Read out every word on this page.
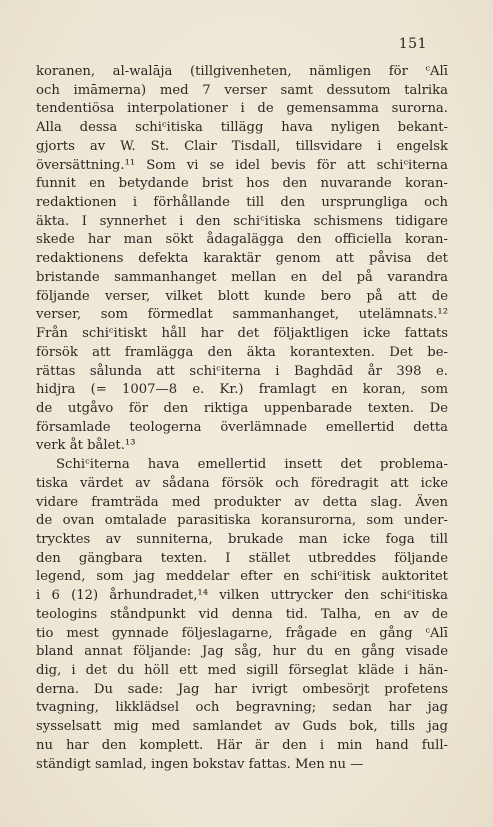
151
koranen, al-walāja (tillgivenheten, nämligen för ᶜAlī
och imāmerna) med 7 verser samt dessutom talrika
tendentiösa interpolationer i de gemensamma surorna.
Alla dessa schiᶜitiska tillägg hava nyligen bekant-
gjorts av W. St. Clair Tisdall, tillsvidare i engelsk
översättning.¹¹ Som vi se idel bevis för att schiᶜiterna
funnit en betydande brist hos den nuvarande koran-
redaktionen i förhållande till den ursprungliga och
äkta. I synnerhet i den schiᶜitiska schismens tidigare
skede har man sökt ådagalägga den officiella koran-
redaktionens defekta karaktär genom att påvisa det
bristande sammanhanget mellan en del på varandra
följande verser, vilket blott kunde bero på att de
verser, som förmedlat sammanhanget, utelämnats.¹²
Från schiᶜitiskt håll har det följaktligen icke fattats
försök att framlägga den äkta korantexten. Det be-
rättas sålunda att schiᶜiterna i Baghdād år 398 e.
hidjra (= 1007—8 e. Kr.) framlagt en koran, som
de utgåvo för den riktiga uppenbarade texten. De
församlade teologerna överlämnade emellertid detta
verk åt bålet.¹³
Schiᶜiterna hava emellertid insett det problema-
tiska värdet av sådana försök och föredragit att icke
vidare framträda med produkter av detta slag. Även
de ovan omtalade parasitiska koransurorna, som under-
trycktes av sunniterna, brukade man icke foga till
den gängbara texten. I stället utbreddes följande
legend, som jag meddelar efter en schiᶜitisk auktoritet
i 6 (12) århundradet,¹⁴ vilken uttrycker den schiᶜitiska
teologins ståndpunkt vid denna tid. Talha, en av de
tio mest gynnade följeslagarne, frågade en gång ᶜAlī
bland annat följande: Jag såg, hur du en gång visade
dig, i det du höll ett med sigill förseglat kläde i hän-
derna. Du sade: Jag har ivrigt ombesörjt profetens
tvagning, likklädsel och begravning; sedan har jag
sysselsatt mig med samlandet av Guds bok, tills jag
nu har den komplett. Här är den i min hand full-
ständigt samlad, ingen bokstav fattas. Men nu —
